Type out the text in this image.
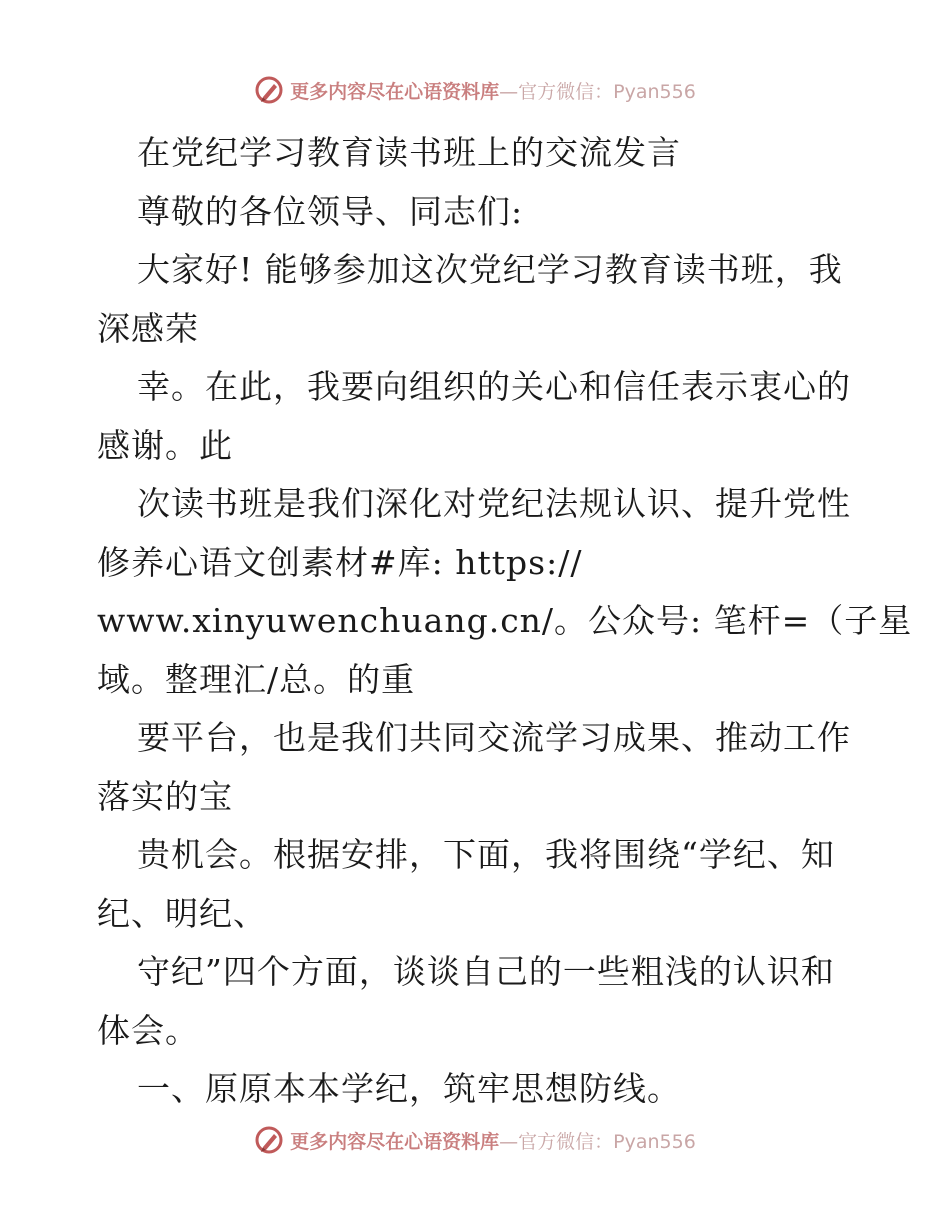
更多内容尽在心语资料库—官方微信：Pyan556
在党纪学习教育读书班上的交流发言
尊敬的各位领导、同志们:
大家好! 能够参加这次党纪学习教育读书班，我
深感荣
幸。在此，我要向组织的关心和信任表示衷心的
感谢。此
次读书班是我们深化对党纪法规认识、提升党性
修养心语文创素材#库: https://
www.xinyuwenchuang.cn/。公众号: 笔杆=（子星
域。整理汇/总。的重
要平台，也是我们共同交流学习成果、推动工作
落实的宝
贵机会。根据安排，下面，我将围绕“学纪、知
纪、明纪、
守纪”四个方面，谈谈自己的一些粗浅的认识和
体会。
一、原原本本学纪，筑牢思想防线。
更多内容尽在心语资料库—官方微信：Pyan556
